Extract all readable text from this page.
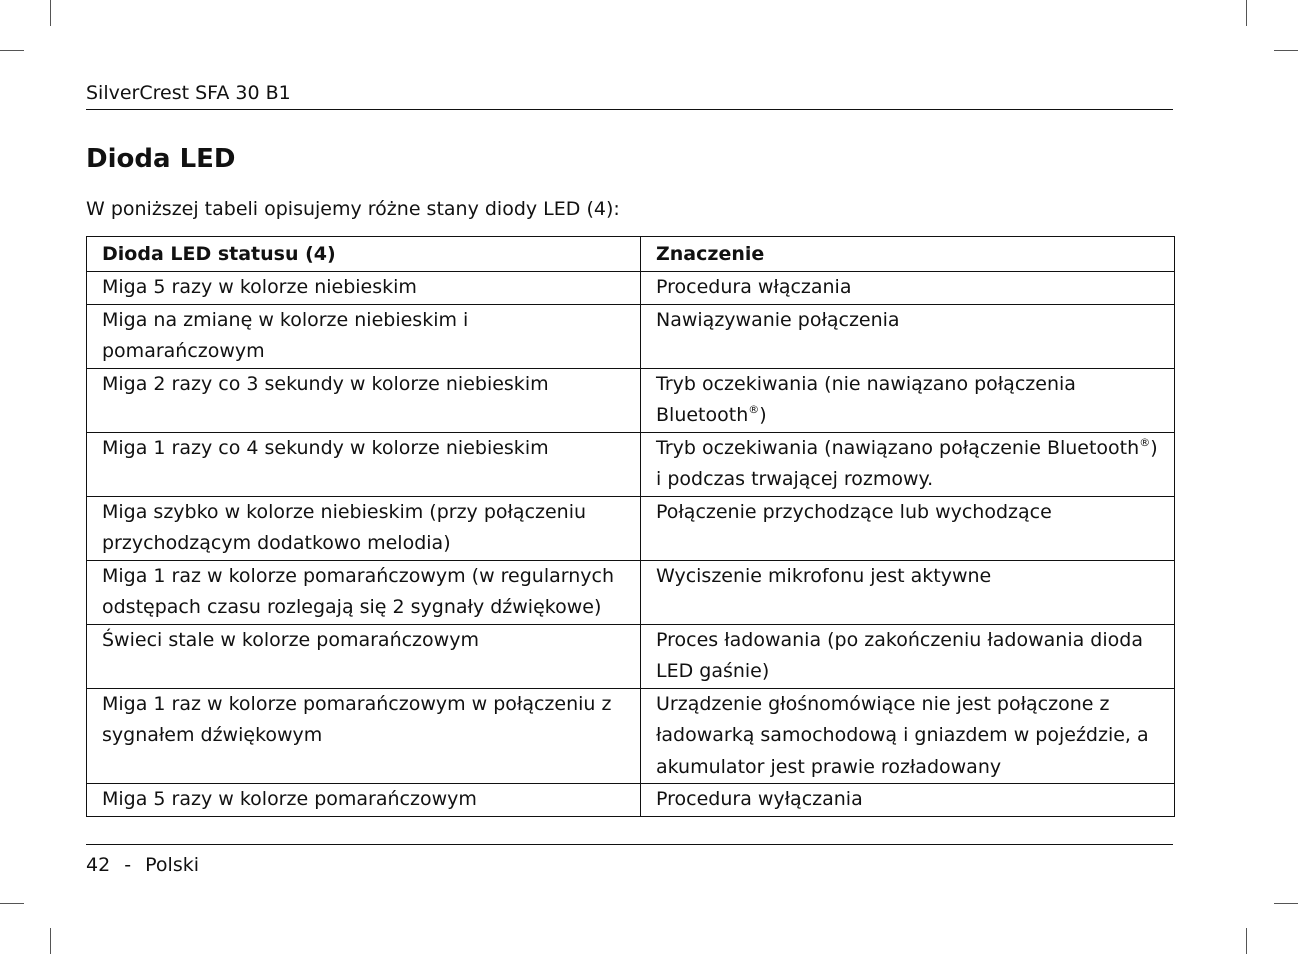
SilverCrest SFA 30 B1
Dioda LED
W poniższej tabeli opisujemy różne stany diody LED (4):
Dioda LED statusu (4)	Znaczenie
Miga 5 razy w kolorze niebieskim	Procedura włączania
Miga na zmianę w kolorze niebieskim i pomarańczowym	Nawiązywanie połączenia
Miga 2 razy co 3 sekundy w kolorze niebieskim	Tryb oczekiwania (nie nawiązano połączenia Bluetooth®)
Miga 1 razy co 4 sekundy w kolorze niebieskim	Tryb oczekiwania (nawiązano połączenie Bluetooth®) i podczas trwającej rozmowy.
Miga szybko w kolorze niebieskim (przy połączeniu przychodzącym dodatkowo melodia)	Połączenie przychodzące lub wychodzące
Miga 1 raz w kolorze pomarańczowym (w regularnych odstępach czasu rozlegają się 2 sygnały dźwiękowe)	Wyciszenie mikrofonu jest aktywne
Świeci stale w kolorze pomarańczowym	Proces ładowania (po zakończeniu ładowania dioda LED gaśnie)
Miga 1 raz w kolorze pomarańczowym w połączeniu z sygnałem dźwiękowym	Urządzenie głośnomówiące nie jest połączone z ładowarką samochodową i gniazdem w pojeździe, a akumulator jest prawie rozładowany
Miga 5 razy w kolorze pomarańczowym	Procedura wyłączania
42 - Polski
